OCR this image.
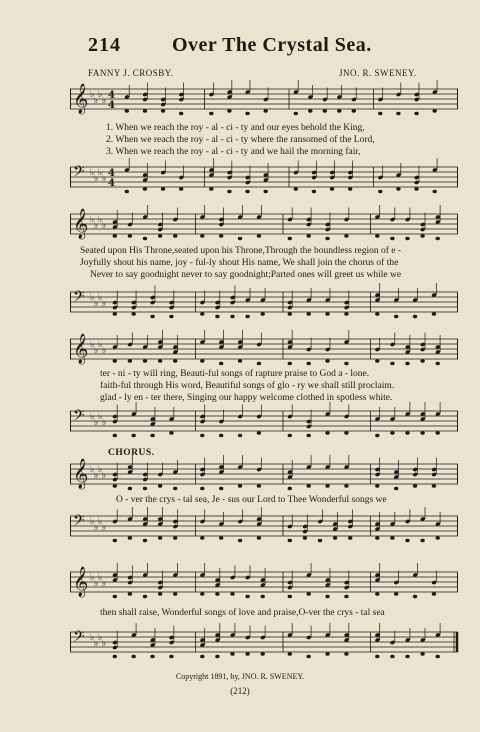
214	Over The Crystal Sea.
FANNY J. CROSBY.	JNO. R. SWENEY.
𝄞 ♭
♭
♭
♭ 4
4
1. When we reach the roy - al - ci - ty and our eyes behold the King,
2. When we reach the roy - al - ci - ty where the ransomed of the Lord,
3. When we reach the roy - al - ci - ty and we hail the morning fair,
𝄢 ♭
♭
♭
♭ 4
4
𝄞 ♭
♭
♭
♭
Seated upon His Throne,seated upon his Throne,Through the boundless region of e -
Joyfully shout his name, joy - ful-ly shout His name, We shall join the chorus of the
Never to say goodnight never to say goodnight;Parted ones will greet us while we
𝄢 ♭
♭
♭
♭
𝄞 ♭
♭
♭
♭
ter - ni - ty will ring, Beauti-ful songs of rapture praise to God a - lone.
faith-ful through His word, Beautiful songs of glo - ry we shall still proclaim.
glad - ly en - ter there, Singing our happy welcome clothed in spotless white.
𝄢 ♭
♭
♭
♭
CHORUS.
𝄞 ♭
♭
♭
♭
O - ver the crys - tal sea, Je - sus our Lord to Thee Wonderful songs we
𝄢 ♭
♭
♭
♭
𝄞 ♭
♭
♭
♭
then shall raise, Wonderful songs of love and praise,O-ver the crys - tal sea
𝄢 ♭
♭
♭
♭
Copyright 1891, by, JNO. R. SWENEY.
(212)
